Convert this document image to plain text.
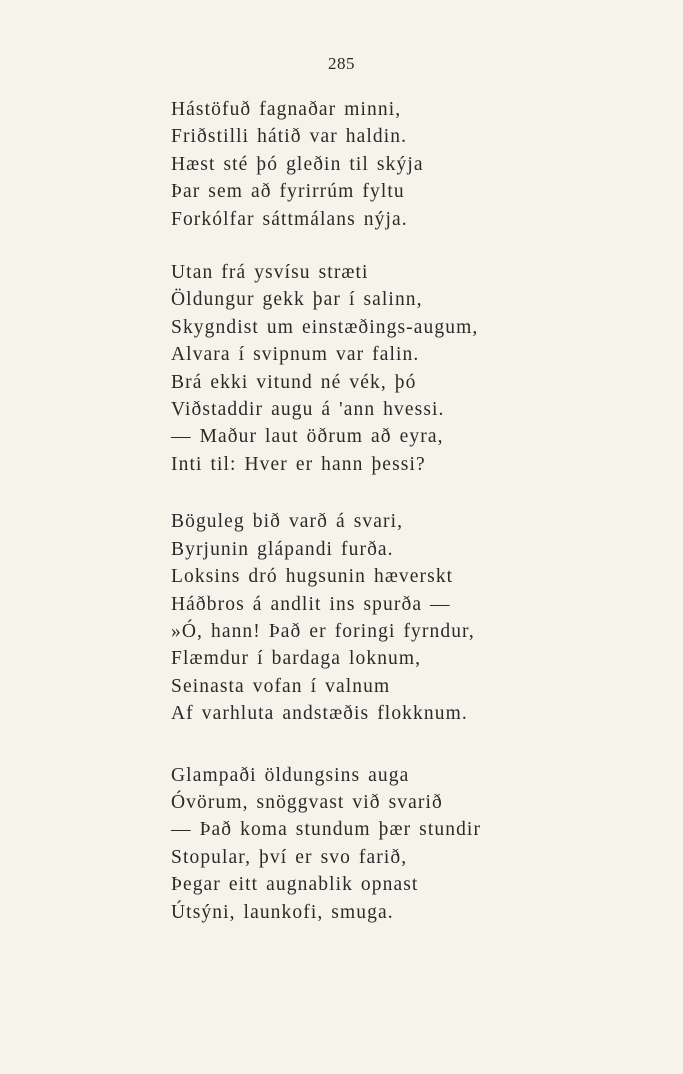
285
Hástöfuð fagnaðar minni,
Friðstilli hátið var haldin.
Hæst sté þó gleðin til skýja
Þar sem að fyrirrúm fyltu
Forkólfar sáttmálans nýja.
Utan frá ysvísu stræti
Öldungur gekk þar í salinn,
Skygndist um einstæðings-augum,
Alvara í svipnum var falin.
Brá ekki vitund né vék, þó
Viðstaddir augu á 'ann hvessi.
— Maður laut öðrum að eyra,
Inti til: Hver er hann þessi?
Böguleg bið varð á svari,
Byrjunin glápandi furða.
Loksins dró hugsunin hæverskt
Háðbros á andlit ins spurða —
»Ó, hann! Það er foringi fyrndur,
Flæmdur í bardaga loknum,
Seinasta vofan í valnum
Af varhluta andstæðis flokknum.
Glampaði öldungsins auga
Óvörum, snöggvast við svarið
— Það koma stundum þær stundir
Stopular, því er svo farið,
Þegar eitt augnablik opnast
Útsýni, launkofi, smuga.
